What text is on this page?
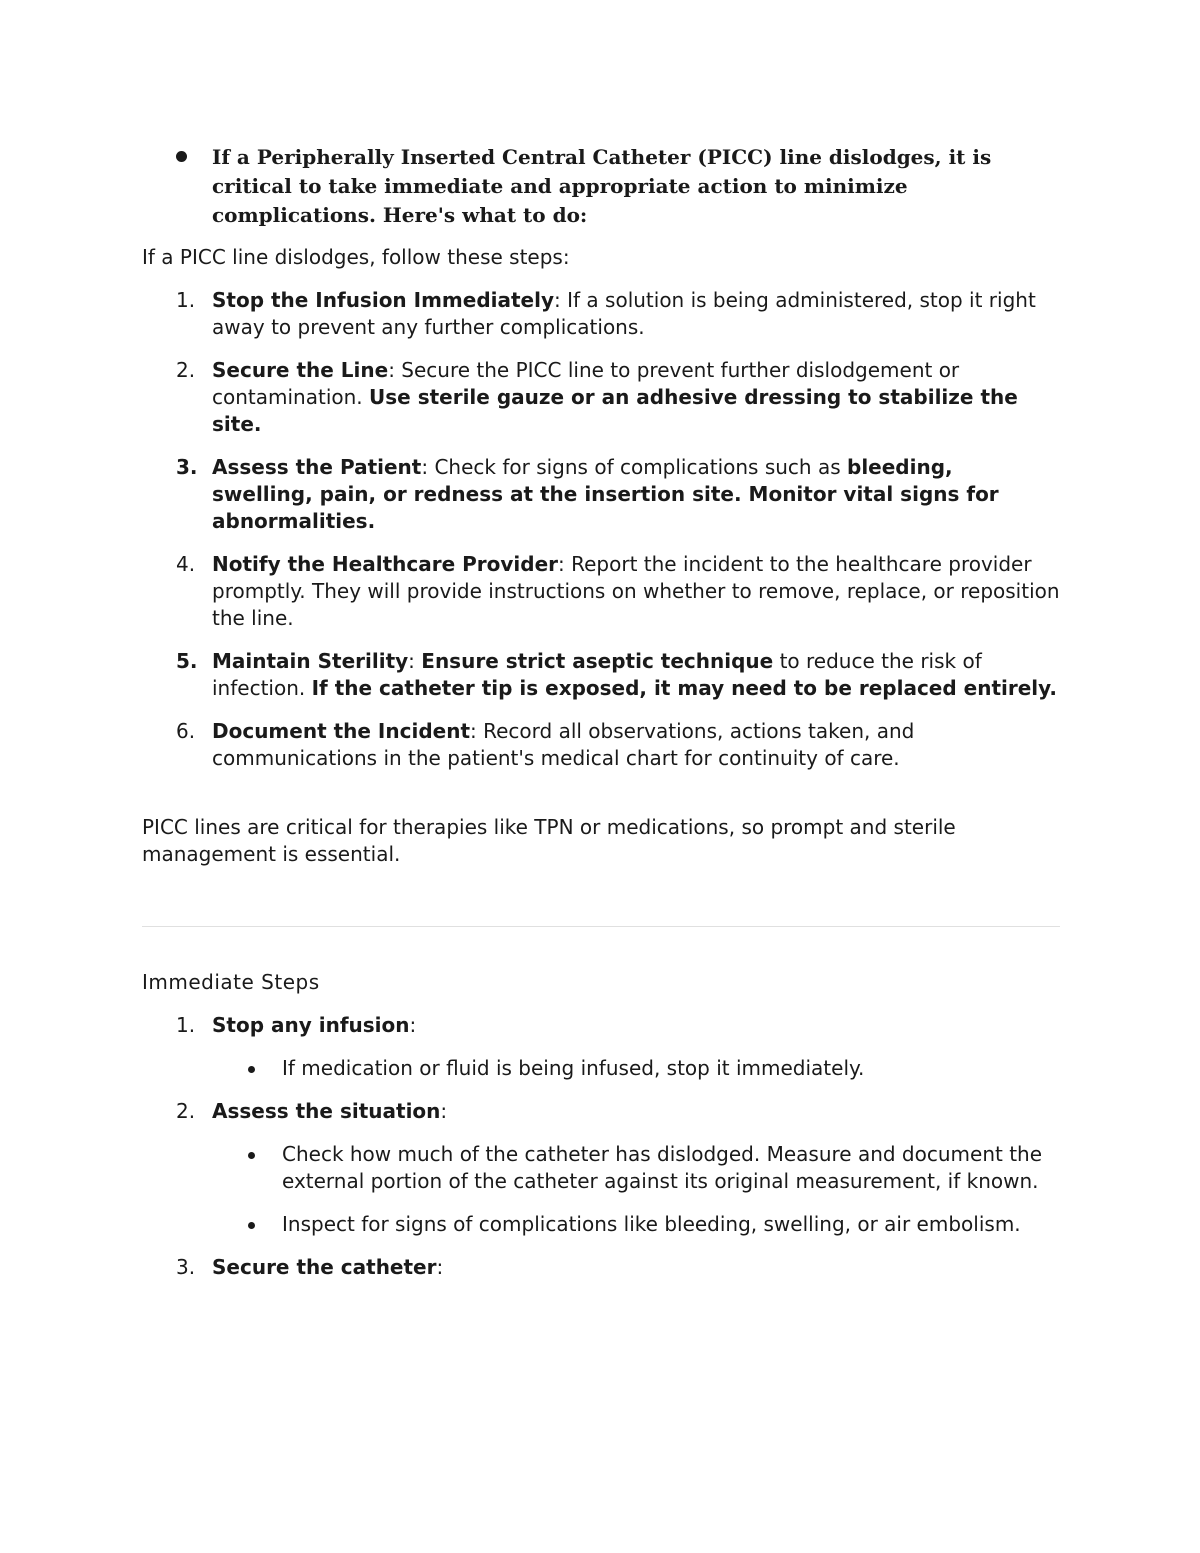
If a Peripherally Inserted Central Catheter (PICC) line dislodges, it is critical to take immediate and appropriate action to minimize complications. Here's what to do:

If a PICC line dislodges, follow these steps:

1. Stop the Infusion Immediately: If a solution is being administered, stop it right away to prevent any further complications.
2. Secure the Line: Secure the PICC line to prevent further dislodgement or contamination. Use sterile gauze or an adhesive dressing to stabilize the site.
3. Assess the Patient: Check for signs of complications such as bleeding, swelling, pain, or redness at the insertion site. Monitor vital signs for abnormalities.
4. Notify the Healthcare Provider: Report the incident to the healthcare provider promptly. They will provide instructions on whether to remove, replace, or reposition the line.
5. Maintain Sterility: Ensure strict aseptic technique to reduce the risk of infection. If the catheter tip is exposed, it may need to be replaced entirely.
6. Document the Incident: Record all observations, actions taken, and communications in the patient's medical chart for continuity of care.

PICC lines are critical for therapies like TPN or medications, so prompt and sterile management is essential.

Immediate Steps
1. Stop any infusion:
If medication or fluid is being infused, stop it immediately.
2. Assess the situation:
Check how much of the catheter has dislodged. Measure and document the external portion of the catheter against its original measurement, if known.
Inspect for signs of complications like bleeding, swelling, or air embolism.
3. Secure the catheter:
